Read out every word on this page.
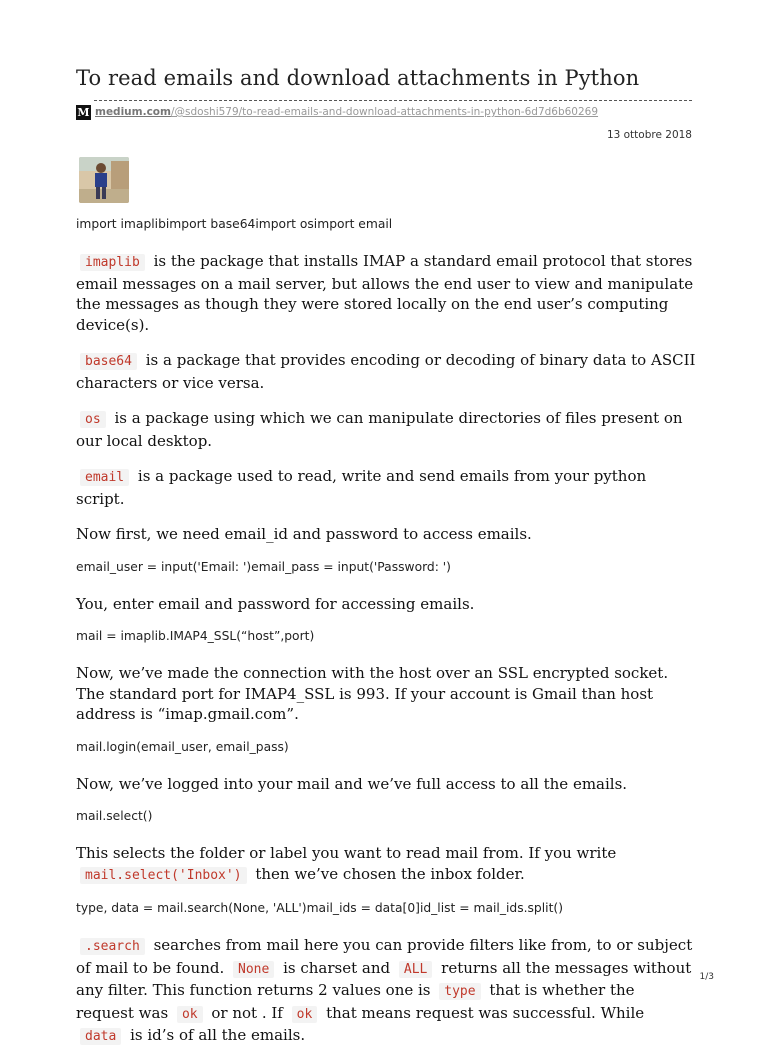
To read emails and download attachments in Python
M medium.com /@sdoshi579/to-read-emails-and-download-attachments-in-python-6d7d6b60269
13 ottobre 2018
import imaplibimport base64import osimport email

imaplib is the package that installs IMAP a standard email protocol that stores email messages on a mail server, but allows the end user to view and manipulate the messages as though they were stored locally on the end user’s computing device(s).

base64 is a package that provides encoding or decoding of binary data to ASCII characters or vice versa.

os is a package using which we can manipulate directories of files present on our local desktop.

email is a package used to read, write and send emails from your python script.

Now first, we need email_id and password to access emails.

email_user = input('Email: ')email_pass = input('Password: ')

You, enter email and password for accessing emails.

mail = imaplib.IMAP4_SSL(“host”,port)

Now, we’ve made the connection with the host over an SSL encrypted socket. The standard port for IMAP4_SSL is 993. If your account is Gmail than host address is “imap.gmail.com”.

mail.login(email_user, email_pass)

Now, we’ve logged into your mail and we’ve full access to all the emails.

mail.select()

This selects the folder or label you want to read mail from. If you write mail.select('Inbox') then we’ve chosen the inbox folder.

type, data = mail.search(None, 'ALL')mail_ids = data[0]id_list = mail_ids.split()

.search searches from mail here you can provide filters like from, to or subject of mail to be found. None is charset and ALL returns all the messages without any filter. This function returns 2 values one is type that is whether the request was ok or not . If ok that means request was successful. While data is id’s of all the emails.

1/3
